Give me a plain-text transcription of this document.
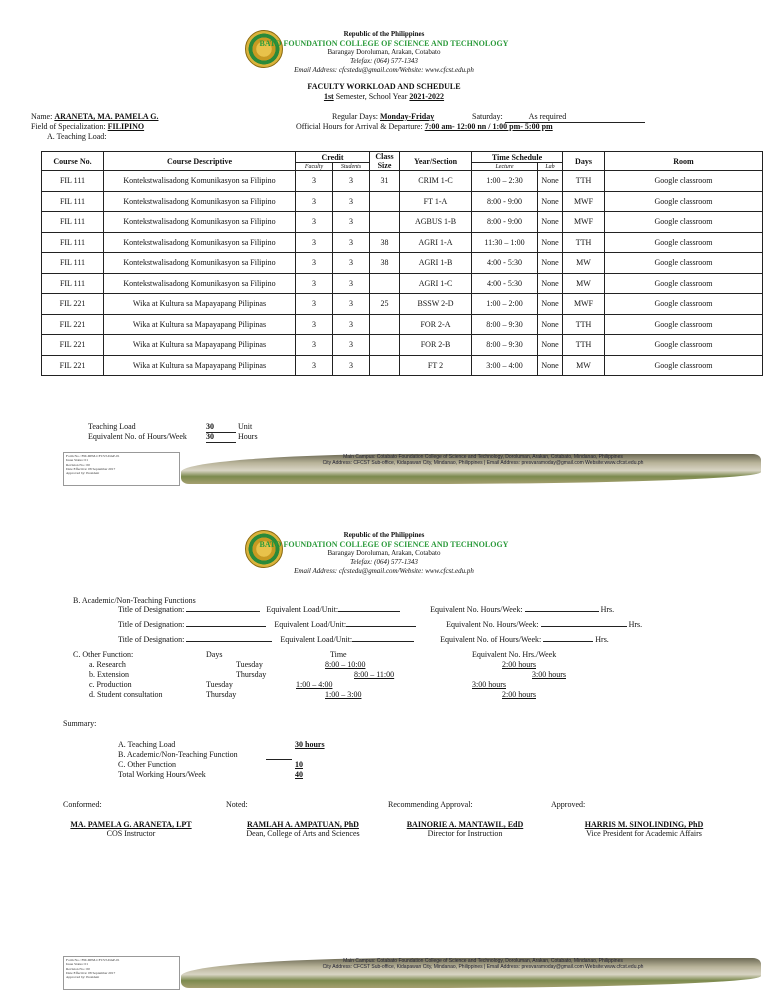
Republic of the Philippines
BATO FOUNDATION COLLEGE OF SCIENCE AND TECHNOLOGY
Barangay Doroluman, Arakan, Cotabato
Telefax: (064) 577-1343
Email Address: cfcstedu@gmail.com/Website: www.cfcst.edu.ph
FACULTY WORKLOAD AND SCHEDULE
1st Semester, School Year 2021-2022
Name: ARANETA, MA. PAMELA G.
Field of Specialization: FILIPINO
A. Teaching Load:
Regular Days: Monday-Friday	Saturday:	As required
Official Hours for Arrival & Departure: 7:00 am- 12:00 nn / 1:00 pm- 5:00 pm
Course No.	Course Descriptive	Credit		Class Size	Year/Section	Time Schedule		Days	Room
		Faculty	Students			Lecture	Lab		
FIL 111	Kontekstwalisadong Komunikasyon sa Filipino	3	3	31	CRIM 1-C	1:00 – 2:30	None	TTH	Google classroom
FIL 111	Kontekstwalisadong Komunikasyon sa Filipino	3	3		FT 1-A	8:00 - 9:00	None	MWF	Google classroom
FIL 111	Kontekstwalisadong Komunikasyon sa Filipino	3	3		AGBUS 1-B	8:00 - 9:00	None	MWF	Google classroom
FIL 111	Kontekstwalisadong Komunikasyon sa Filipino	3	3	38	AGRI 1-A	11:30 – 1:00	None	TTH	Google classroom
FIL 111	Kontekstwalisadong Komunikasyon sa Filipino	3	3	38	AGRI 1-B	4:00 - 5:30	None	MW	Google classroom
FIL 111	Kontekstwalisadong Komunikasyon sa Filipino	3	3		AGRI 1-C	4:00 - 5:30	None	MW	Google classroom
FIL 221	Wika at Kultura sa Mapayapang Pilipinas	3	3	25	BSSW 2-D	1:00 – 2:00	None	MWF	Google classroom
FIL 221	Wika at Kultura sa Mapayapang Pilipinas	3	3		FOR 2-A	8:00 – 9:30	None	TTH	Google classroom
FIL 221	Wika at Kultura sa Mapayapang Pilipinas	3	3		FOR 2-B	8:00 – 9:30	None	TTH	Google classroom
FIL 221	Wika at Kultura sa Mapayapang Pilipinas	3	3		FT 2	3:00 – 4:00	None	MW	Google classroom
Teaching Load	30	Unit
Equivalent No. of Hours/Week 30	Hours
Form No.: FM-DPM-CFCST-DAP-01
Issue Status: 01
Revision No.: 00
Date Effective: 08 September 2017
Approved by: President
Main Campus: Cotabato Foundation College of Science and Technology, Doroluman, Arakan, Cotabato, Mindanao, Philippines
City Address: CFCST Sub-office, Kidapawan City, Mindanao, Philippines | Email Address: presvaramoday@gmail.com Website:www.cfcst.edu.ph
Republic of the Philippines
BATO FOUNDATION COLLEGE OF SCIENCE AND TECHNOLOGY
Barangay Doroluman, Arakan, Cotabato
Telefax: (064) 577-1343
Email Address: cfcstedu@gmail.com/Website: www.cfcst.edu.ph
B. Academic/Non-Teaching Functions
Title of Designation:	Equivalent Load/Unit:	Equivalent No. Hours/Week:	Hrs.
Title of Designation:	Equivalent Load/Unit:	Equivalent No. Hours/Week:	Hrs.
Title of Designation:	Equivalent Load/Unit:	Equivalent No. of Hours/Week:	Hrs.
C. Other Function:	Days	Time	Equivalent No. Hrs./Week
a. Research	Tuesday	8:00 – 10:00	2:00 hours
b. Extension	Thursday	8:00 – 11:00	3:00 hours
c. Production	Tuesday	1:00 – 4:00	3:00 hours
d. Student consultation	Thursday	1:00 – 3:00	2:00 hours
Summary:
A. Teaching Load	30 hours
B. Academic/Non-Teaching Function
C. Other Function	10
Total Working Hours/Week	40
Conformed:	Noted:	Recommending Approval:	Approved:
MA. PAMELA G. ARANETA, LPT
COS Instructor
RAMLAH A. AMPATUAN, PhD
Dean, College of Arts and Sciences
BAINORIE A. MANTAWIL, EdD
Director for Instruction
HARRIS M. SINOLINDING, PhD
Vice President for Academic Affairs
Form No.: FM-DPM-CFCST-DAP-01
Issue Status: 01
Revision No.: 00
Date Effective: 08 September 2017
Approved by: President
Main Campus: Cotabato Foundation College of Science and Technology, Doroluman, Arakan, Cotabato, Mindanao, Philippines
City Address: CFCST Sub-office, Kidapawan City, Mindanao, Philippines | Email Address: presvaramoday@gmail.com Website:www.cfcst.edu.ph
